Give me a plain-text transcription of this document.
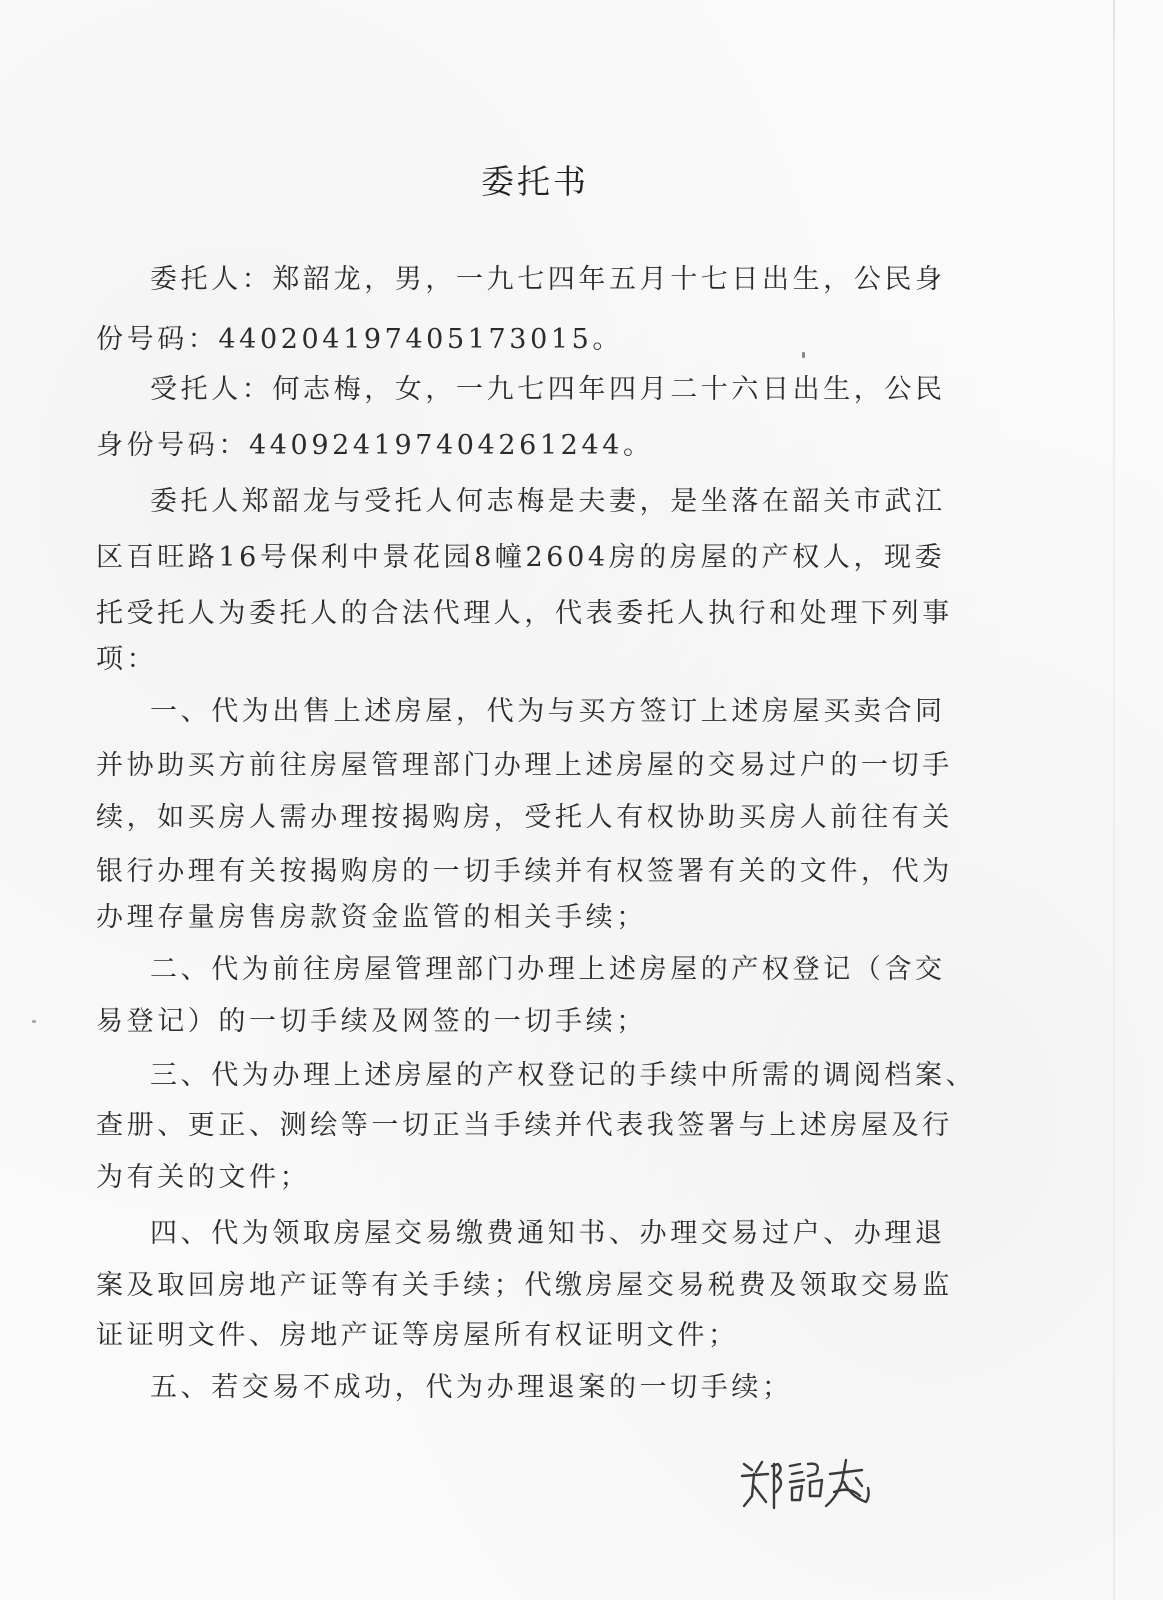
委托书
委托人：郑韶龙，男，一九七四年五月十七日出生，公民身
份号码：440204197405173015。
受托人：何志梅，女，一九七四年四月二十六日出生，公民
身份号码：440924197404261244。
委托人郑韶龙与受托人何志梅是夫妻，是坐落在韶关市武江
区百旺路16号保利中景花园8幢2604房的房屋的产权人，现委
托受托人为委托人的合法代理人，代表委托人执行和处理下列事
项：
一、代为出售上述房屋，代为与买方签订上述房屋买卖合同
并协助买方前往房屋管理部门办理上述房屋的交易过户的一切手
续，如买房人需办理按揭购房，受托人有权协助买房人前往有关
银行办理有关按揭购房的一切手续并有权签署有关的文件，代为
办理存量房售房款资金监管的相关手续；
二、代为前往房屋管理部门办理上述房屋的产权登记（含交
易登记）的一切手续及网签的一切手续；
三、代为办理上述房屋的产权登记的手续中所需的调阅档案、
查册、更正、测绘等一切正当手续并代表我签署与上述房屋及行
为有关的文件；
四、代为领取房屋交易缴费通知书、办理交易过户、办理退
案及取回房地产证等有关手续；代缴房屋交易税费及领取交易监
证证明文件、房地产证等房屋所有权证明文件；
五、若交易不成功，代为办理退案的一切手续；
